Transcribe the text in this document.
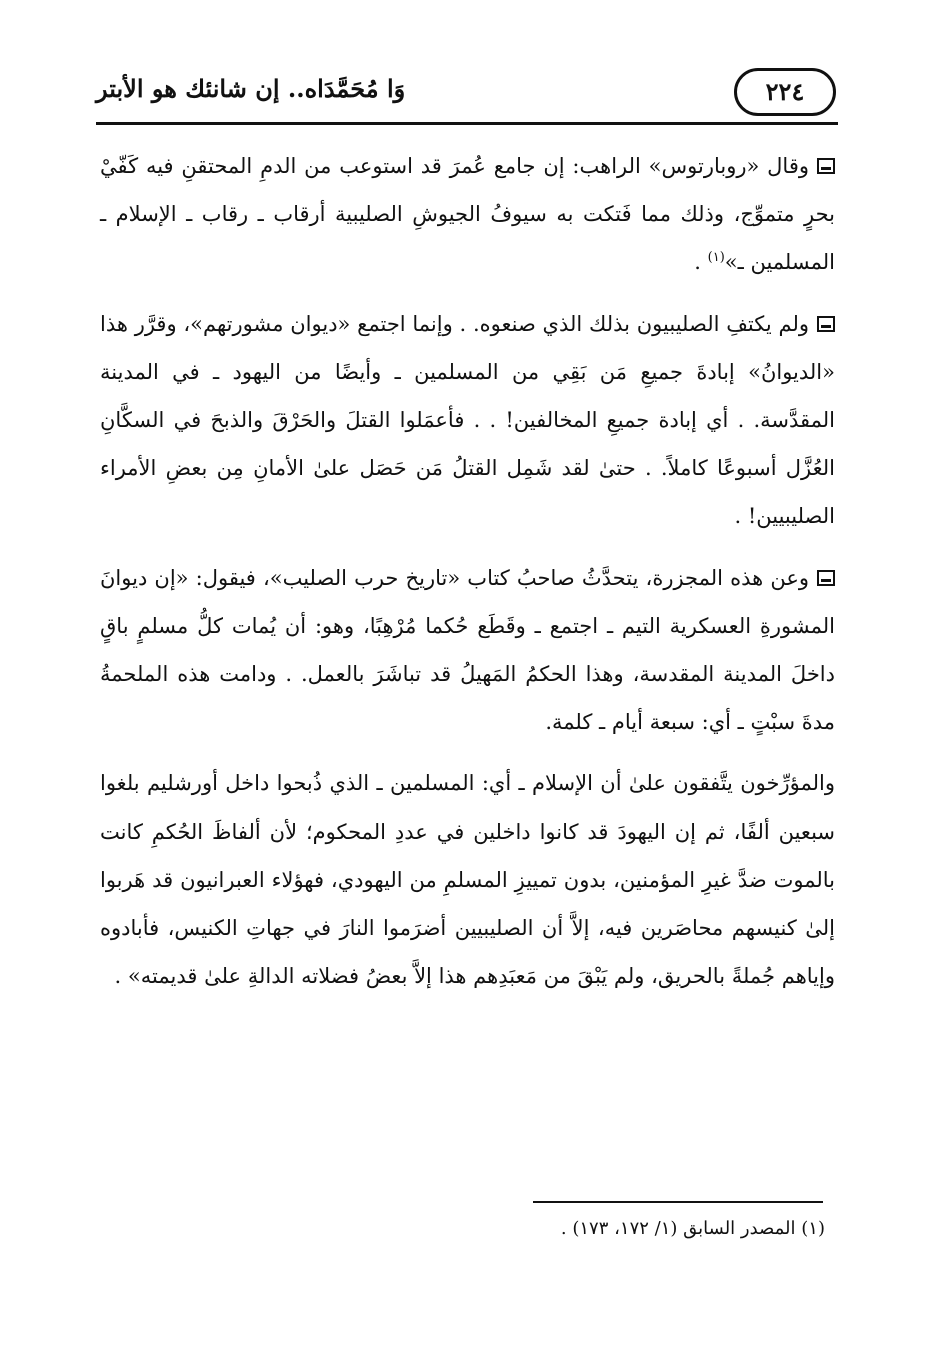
وَا مُحَمَّدَاه.. إن شانئك هو الأبتر	٢٢٤

وقال «روبارتوس» الراهب: إن جامع عُمرَ قد استوعب من الدمِ المحتقنِ فيه كَفّيْ بحرٍ متموِّج، وذلك مما فَتكت به سيوفُ الجيوشِ الصليبية أرقاب ـ رقاب ـ الإسلام ـ المسلمين ـ»$^{(١)}$ .

ولم يكتفِ الصليبيون بذلك الذي صنعوه. . وإنما اجتمع «ديوان مشورتهم»، وقرَّر هذا «الديوانُ» إبادةَ جميعِ مَن بَقِي من المسلمين ـ وأيضًا من اليهود ـ في المدينة المقدَّسة. . أي إبادة جميعِ المخالفين! . . فأعمَلوا القتلَ والحَرْقَ والذبحَ في السكَّانِ العُزَّل أسبوعًا كاملاً. . حتىٰ لقد شَمِل القتلُ مَن حَصَل علىٰ الأمانِ مِن بعضِ الأمراء الصليبيين! .

وعن هذه المجزرة، يتحدَّثُ صاحبُ كتاب «تاريخ حرب الصليب»، فيقول: «إن ديوانَ المشورةِ العسكرية التيم ـ اجتمع ـ وقَطَع حُكما مُرْهِبًا، وهو: أن يُمات كلُّ مسلمٍ باقٍ داخلَ المدينة المقدسة، وهذا الحكمُ المَهيلُ قد تباشَرَ بالعمل. . ودامت هذه الملحمةُ مدةَ سبْتٍ ـ أي: سبعة أيام ـ كلمة.

والمؤرِّخون يتَّفقون علىٰ أن الإسلام ـ أي: المسلمين ـ الذي ذُبحوا داخل أورشليم بلغوا سبعين ألفًا، ثم إن اليهودَ قد كانوا داخلين في عددِ المحكوم؛ لأن ألفاظَ الحُكمِ كانت بالموت ضدَّ غيرِ المؤمنين، بدون تمييزِ المسلمِ من اليهودي، فهؤلاء العبرانيون قد هَربوا إلىٰ كنيسهم محاصَرين فيه، إلاَّ أن الصليبيين أضرَموا النارَ في جهاتِ الكنيس، فأبادوه وإياهم جُملةً بالحريق، ولم يَبْقَ من مَعبَدِهم هذا إلاَّ بعضُ فضلاته الدالةِ علىٰ قديمته» .

(١) المصدر السابق (١/ ١٧٢، ١٧٣) .
